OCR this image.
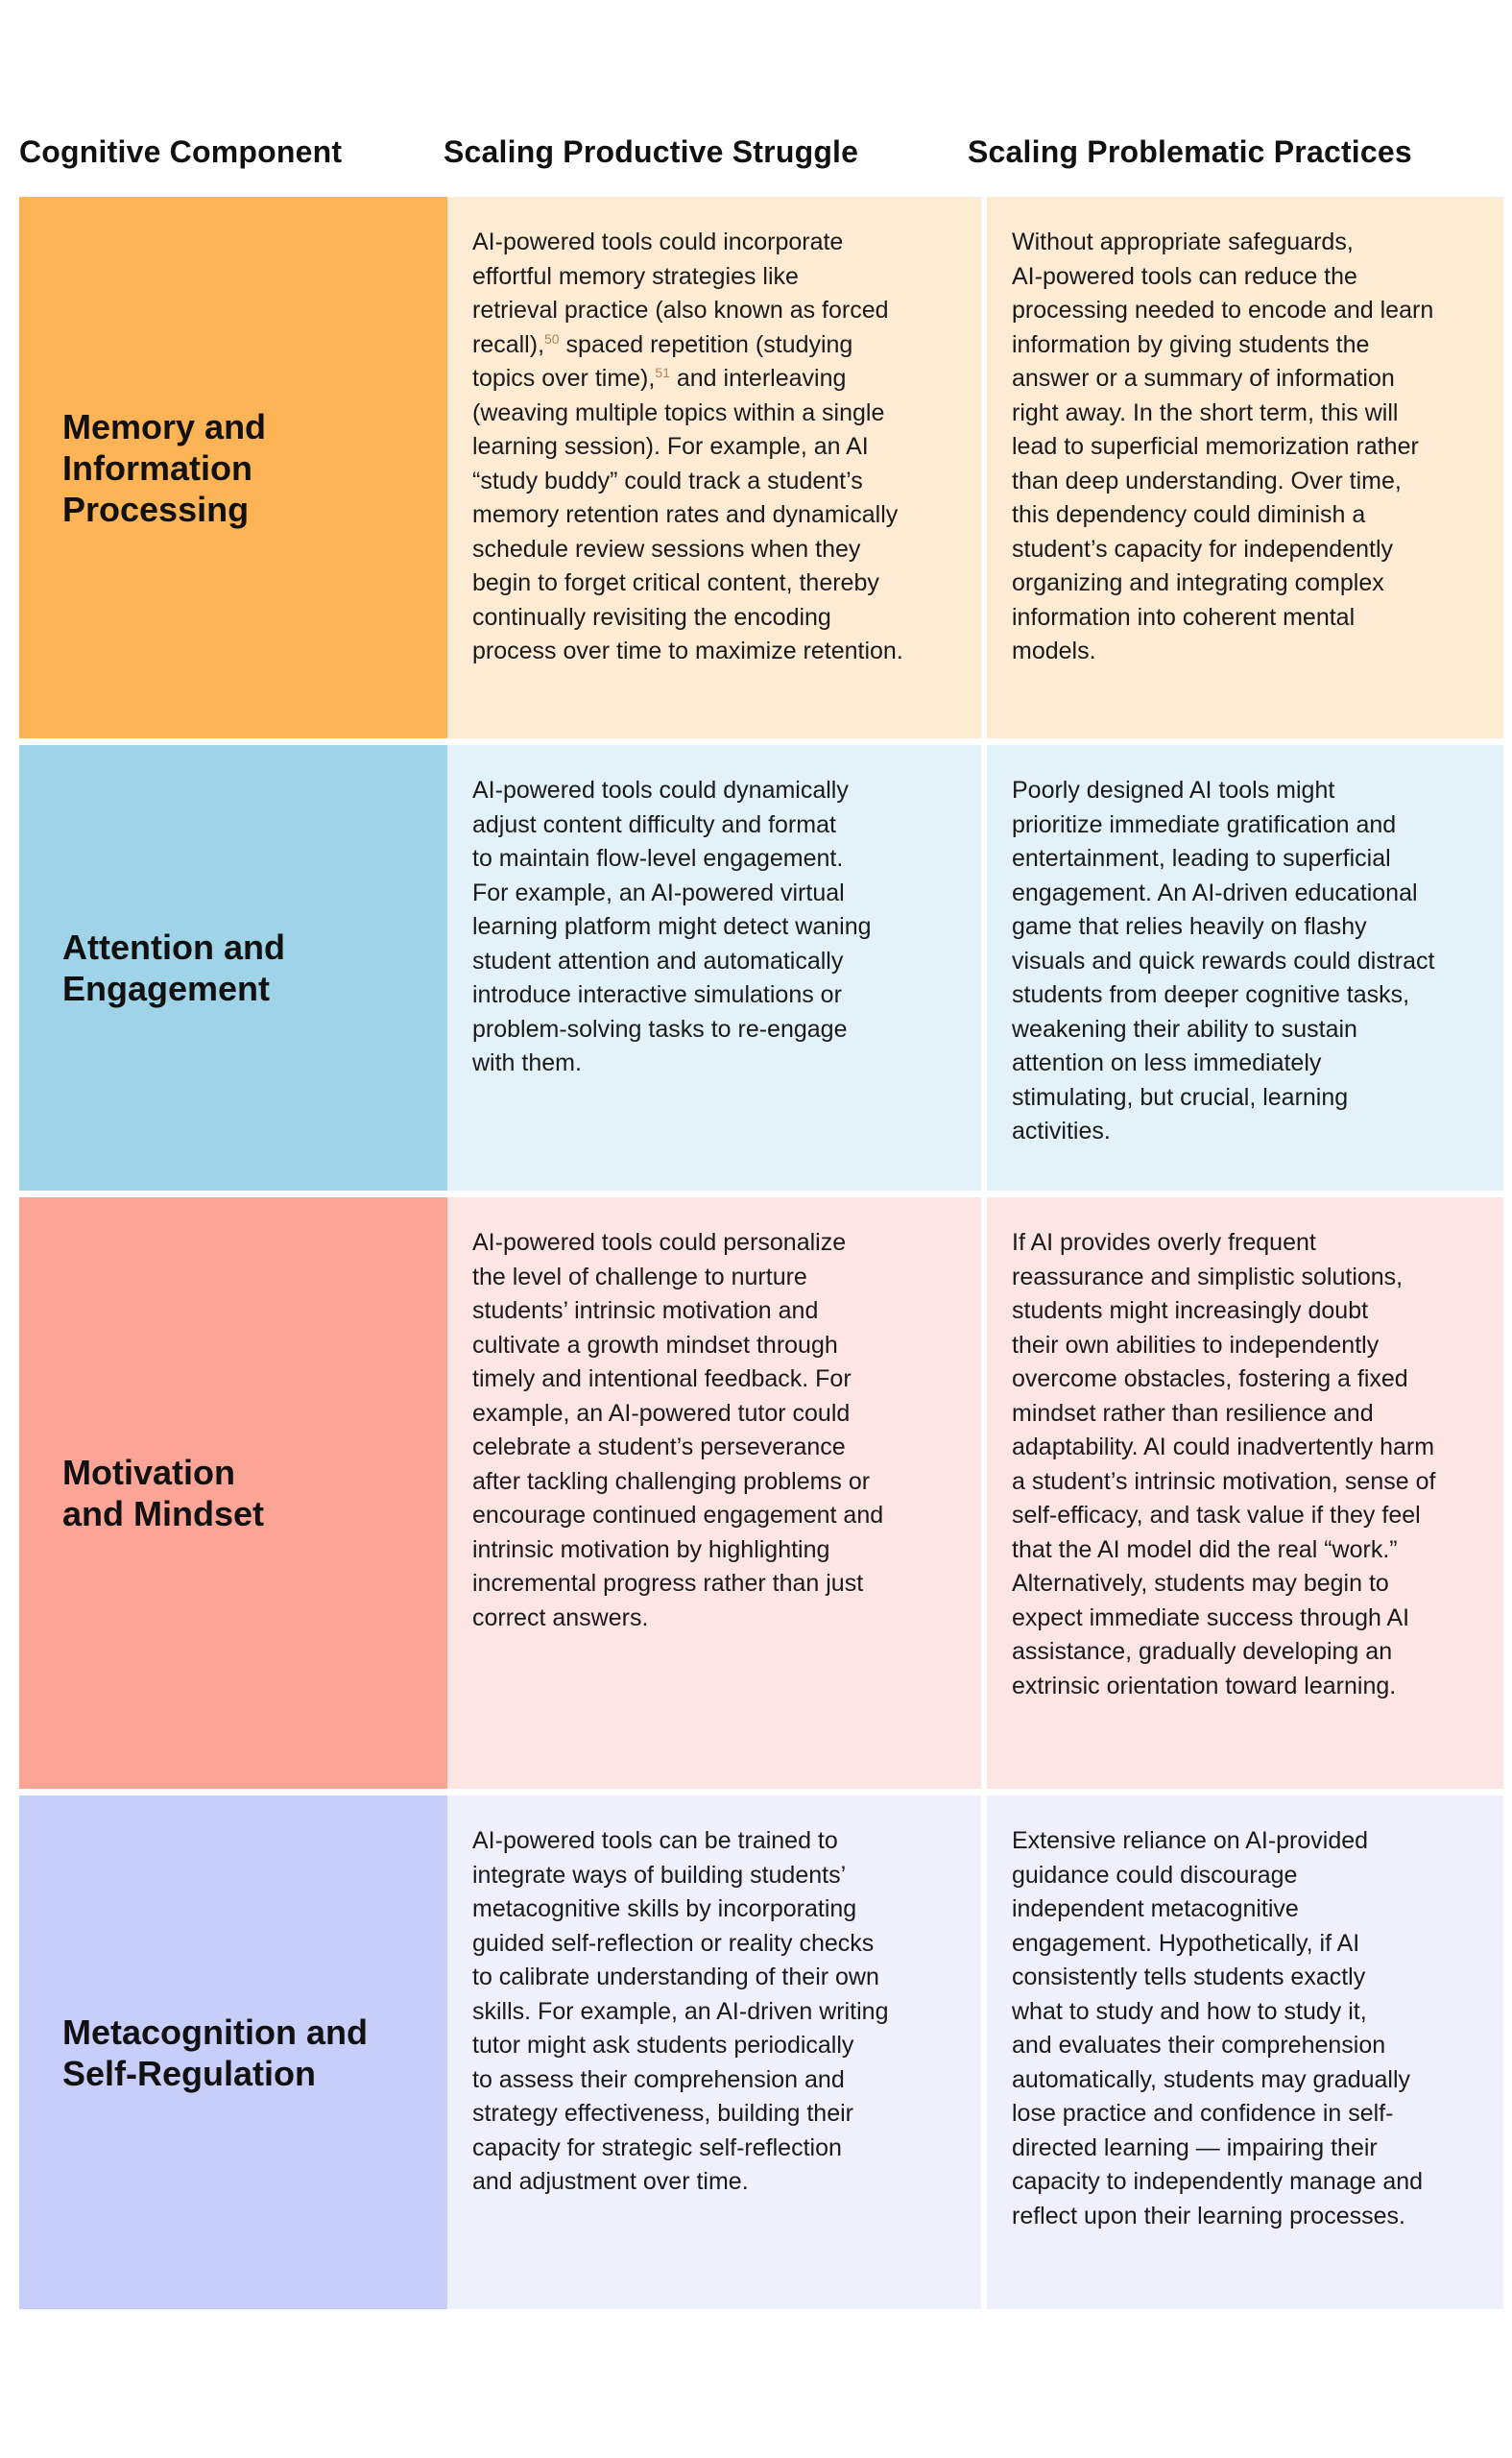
Cognitive Component	Scaling Productive Struggle	Scaling Problematic Practices
Memory and
Information
Processing
AI-powered tools could incorporate
effortful memory strategies like
retrieval practice (also known as forced
recall),$^{50}$ spaced repetition (studying
topics over time),$^{51}$ and interleaving
(weaving multiple topics within a single
learning session). For example, an AI
“study buddy” could track a student’s
memory retention rates and dynamically
schedule review sessions when they
begin to forget critical content, thereby
continually revisiting the encoding
process over time to maximize retention.
Without appropriate safeguards,
AI-powered tools can reduce the
processing needed to encode and learn
information by giving students the
answer or a summary of information
right away. In the short term, this will
lead to superficial memorization rather
than deep understanding. Over time,
this dependency could diminish a
student’s capacity for independently
organizing and integrating complex
information into coherent mental
models.
Attention and
Engagement
AI-powered tools could dynamically
adjust content difficulty and format
to maintain flow-level engagement.
For example, an AI-powered virtual
learning platform might detect waning
student attention and automatically
introduce interactive simulations or
problem-solving tasks to re-engage
with them.
Poorly designed AI tools might
prioritize immediate gratification and
entertainment, leading to superficial
engagement. An AI-driven educational
game that relies heavily on flashy
visuals and quick rewards could distract
students from deeper cognitive tasks,
weakening their ability to sustain
attention on less immediately
stimulating, but crucial, learning
activities.
Motivation
and Mindset
AI-powered tools could personalize
the level of challenge to nurture
students’ intrinsic motivation and
cultivate a growth mindset through
timely and intentional feedback. For
example, an AI-powered tutor could
celebrate a student’s perseverance
after tackling challenging problems or
encourage continued engagement and
intrinsic motivation by highlighting
incremental progress rather than just
correct answers.
If AI provides overly frequent
reassurance and simplistic solutions,
students might increasingly doubt
their own abilities to independently
overcome obstacles, fostering a fixed
mindset rather than resilience and
adaptability. AI could inadvertently harm
a student’s intrinsic motivation, sense of
self-efficacy, and task value if they feel
that the AI model did the real “work.”
Alternatively, students may begin to
expect immediate success through AI
assistance, gradually developing an
extrinsic orientation toward learning.
Metacognition and
Self-Regulation
AI-powered tools can be trained to
integrate ways of building students’
metacognitive skills by incorporating
guided self-reflection or reality checks
to calibrate understanding of their own
skills. For example, an AI-driven writing
tutor might ask students periodically
to assess their comprehension and
strategy effectiveness, building their
capacity for strategic self-reflection
and adjustment over time.
Extensive reliance on AI-provided
guidance could discourage
independent metacognitive
engagement. Hypothetically, if AI
consistently tells students exactly
what to study and how to study it,
and evaluates their comprehension
automatically, students may gradually
lose practice and confidence in self-
directed learning — impairing their
capacity to independently manage and
reflect upon their learning processes.
